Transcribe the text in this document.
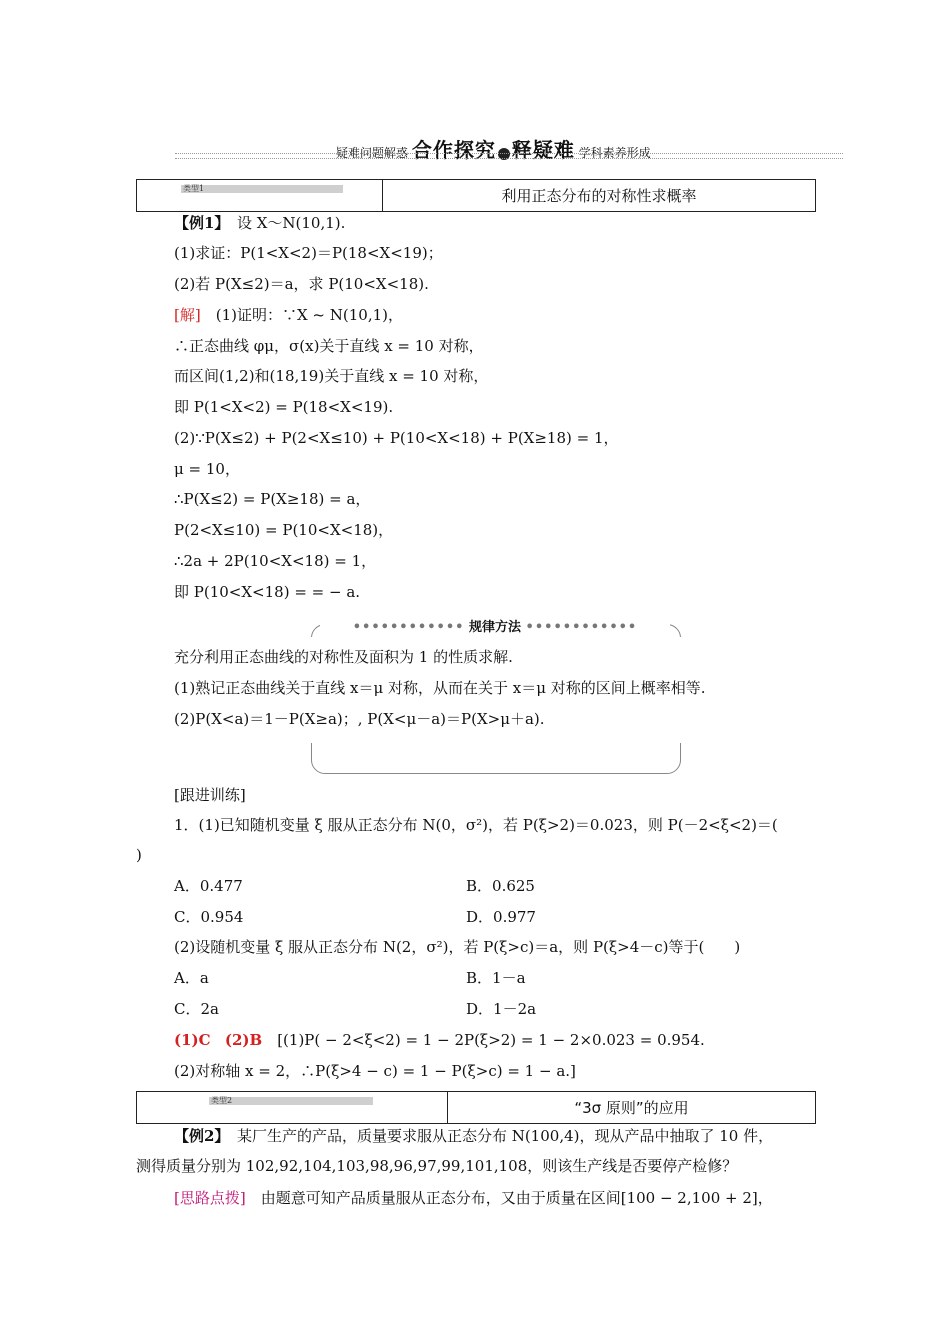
疑难问题解惑 合作探究 释疑难 学科素养形成
类型1	利用正态分布的对称性求概率
【例1】　设 X～N(10,1).
(1)求证：P(1<X<2)＝P(18<X<19)；
(2)若 P(X≤2)＝a，求 P(10<X<18).
[解]　(1)证明：∵X ~ N(10,1)，
∴正态曲线 φμ，σ(x)关于直线 x = 10 对称，
而区间(1,2)和(18,19)关于直线 x = 10 对称，
即 P(1<X<2) = P(18<X<19).
(2)∵P(X≤2) + P(2<X≤10) + P(10<X<18) + P(X≥18) = 1，
μ = 10，
∴P(X≤2) = P(X≥18) = a，
P(2<X≤10) = P(10<X<18)，
∴2a + 2P(10<X<18) = 1，
即 P(10<X<18) = = − a.
•••••••••••• 规律方法 ••••••••••••
充分利用正态曲线的对称性及面积为 1 的性质求解.
(1)熟记正态曲线关于直线 x＝μ 对称，从而在关于 x＝μ 对称的区间上概率相等.
(2)P(X<a)＝1－P(X≥a)；, P(X<μ－a)＝P(X>μ＋a).
[跟进训练]
1．(1)已知随机变量 ξ 服从正态分布 N(0，σ²)，若 P(ξ>2)＝0.023，则 P(－2<ξ<2)＝(
)
A．0.477	B．0.625
C．0.954	D．0.977
(2)设随机变量 ξ 服从正态分布 N(2，σ²)，若 P(ξ>c)＝a，则 P(ξ>4－c)等于(　　)
A．a	B．1－a
C．2a	D．1－2a
(1)C (2)B　[(1)P( − 2<ξ<2) = 1 − 2P(ξ>2) = 1 − 2×0.023 = 0.954.
(2)对称轴 x = 2，∴P(ξ>4 − c) = 1 − P(ξ>c) = 1 − a.]
类型2	“3σ 原则”的应用
【例2】　某厂生产的产品，质量要求服从正态分布 N(100,4)，现从产品中抽取了 10 件，
测得质量分别为 102,92,104,103,98,96,97,99,101,108，则该生产线是否要停产检修？
[思路点拨]　由题意可知产品质量服从正态分布，又由于质量在区间[100 − 2,100 + 2]，
